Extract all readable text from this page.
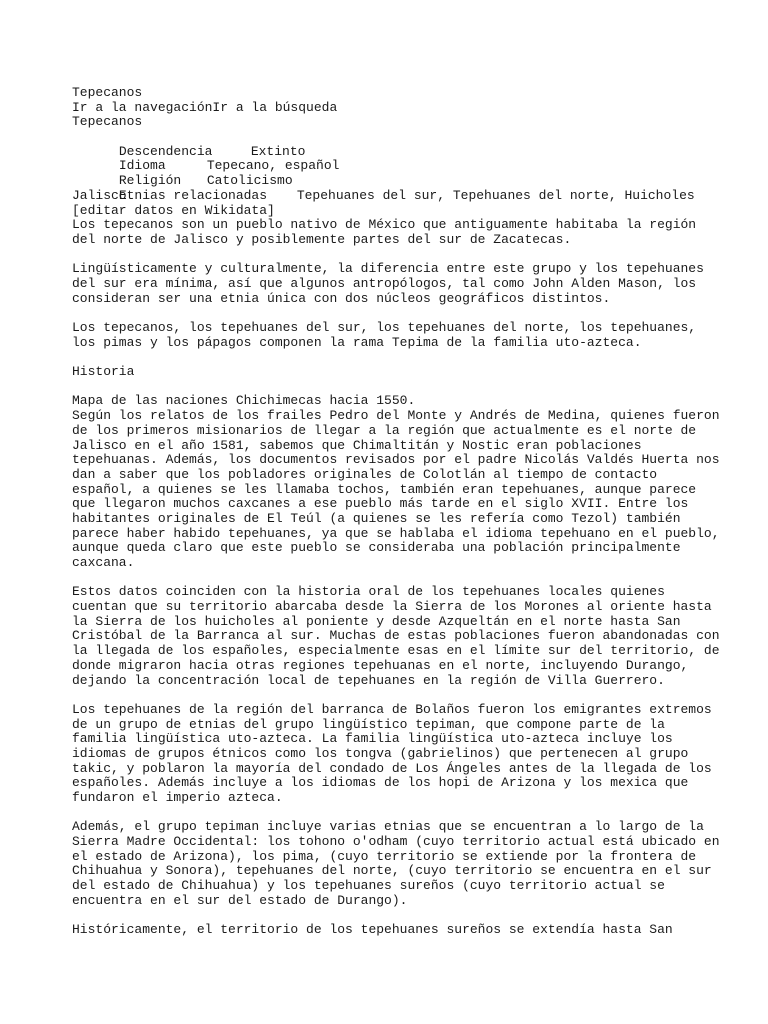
Tepecanos
Ir a la navegaciónIr a la búsqueda
Tepecanos

Descendencia	Extinto

Idioma	Tepecano, español

Religión Catolicismo

Etnias relacionadas Tepehuanes del sur, Tepehuanes del norte, Huicholes

Jalisco
[editar datos en Wikidata]
Los tepecanos son un pueblo nativo de México que antiguamente habitaba la región
del norte de Jalisco y posiblemente partes del sur de Zacatecas.
Lingüísticamente y culturalmente, la diferencia entre este grupo y los tepehuanes
del sur era mínima, así que algunos antropólogos, tal como John Alden Mason, los
consideran ser una etnia única con dos núcleos geográficos distintos.
Los tepecanos, los tepehuanes del sur, los tepehuanes del norte, los tepehuanes,
los pimas y los pápagos componen la rama Tepima de la familia uto-azteca.
Historia
Mapa de las naciones Chichimecas hacia 1550.
Según los relatos de los frailes Pedro del Monte y Andrés de Medina, quienes fueron
de los primeros misionarios de llegar a la región que actualmente es el norte de
Jalisco en el año 1581, sabemos que Chimaltitán y Nostic eran poblaciones
tepehuanas. Además, los documentos revisados por el padre Nicolás Valdés Huerta nos
dan a saber que los pobladores originales de Colotlán al tiempo de contacto
español, a quienes se les llamaba tochos, también eran tepehuanes, aunque parece
que llegaron muchos caxcanes a ese pueblo más tarde en el siglo XVII. Entre los
habitantes originales de El Teúl (a quienes se les refería como Tezol) también
parece haber habido tepehuanes, ya que se hablaba el idioma tepehuano en el pueblo,
aunque queda claro que este pueblo se consideraba una población principalmente
caxcana.
Estos datos coinciden con la historia oral de los tepehuanes locales quienes
cuentan que su territorio abarcaba desde la Sierra de los Morones al oriente hasta
la Sierra de los huicholes al poniente y desde Azqueltán en el norte hasta San
Cristóbal de la Barranca al sur. Muchas de estas poblaciones fueron abandonadas con
la llegada de los españoles, especialmente esas en el límite sur del territorio, de
donde migraron hacia otras regiones tepehuanas en el norte, incluyendo Durango,
dejando la concentración local de tepehuanes en la región de Villa Guerrero.
Los tepehuanes de la región del barranca de Bolaños fueron los emigrantes extremos
de un grupo de etnias del grupo lingüístico tepiman, que compone parte de la
familia lingüística uto-azteca. La familia lingüística uto-azteca incluye los
idiomas de grupos étnicos como los tongva (gabrielinos) que pertenecen al grupo
takic, y poblaron la mayoría del condado de Los Ángeles antes de la llegada de los
españoles. Además incluye a los idiomas de los hopi de Arizona y los mexica que
fundaron el imperio azteca.
Además, el grupo tepiman incluye varias etnias que se encuentran a lo largo de la
Sierra Madre Occidental: los tohono o'odham (cuyo territorio actual está ubicado en
el estado de Arizona), los pima, (cuyo territorio se extiende por la frontera de
Chihuahua y Sonora), tepehuanes del norte, (cuyo territorio se encuentra en el sur
del estado de Chihuahua) y los tepehuanes sureños (cuyo territorio actual se
encuentra en el sur del estado de Durango).
Históricamente, el territorio de los tepehuanes sureños se extendía hasta San
